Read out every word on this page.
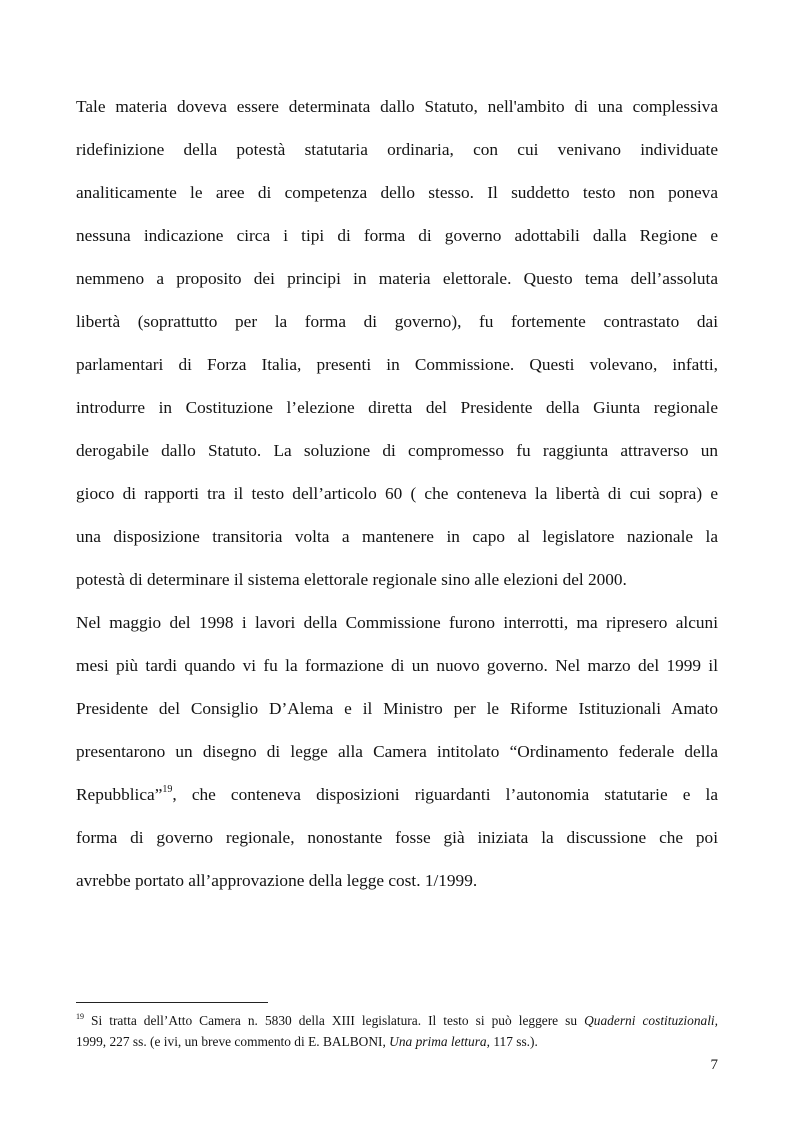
Tale materia doveva essere determinata dallo Statuto, nell'ambito di una complessiva
ridefinizione della potestà statutaria ordinaria, con cui venivano individuate
analiticamente le aree di competenza dello stesso. Il suddetto testo non poneva
nessuna indicazione circa i tipi di forma di governo adottabili dalla Regione e
nemmeno a proposito dei principi in materia elettorale. Questo tema dell’assoluta
libertà (soprattutto per la forma di governo), fu fortemente contrastato dai
parlamentari di Forza Italia, presenti in Commissione. Questi volevano, infatti,
introdurre in Costituzione l’elezione diretta del Presidente della Giunta regionale
derogabile dallo Statuto. La soluzione di compromesso fu raggiunta attraverso un
gioco di rapporti tra il testo dell’articolo 60 ( che conteneva la libertà di cui sopra) e
una disposizione transitoria volta a mantenere in capo al legislatore nazionale la
potestà di determinare il sistema elettorale regionale sino alle elezioni del 2000.
Nel maggio del 1998 i lavori della Commissione furono interrotti, ma ripresero alcuni
mesi più tardi quando vi fu la formazione di un nuovo governo. Nel marzo del 1999 il
Presidente del Consiglio D’Alema e il Ministro per le Riforme Istituzionali Amato
presentarono un disegno di legge alla Camera intitolato “Ordinamento federale della
Repubblica”$^{19}$, che conteneva disposizioni riguardanti l’autonomia statutarie e la
forma di governo regionale, nonostante fosse già iniziata la discussione che poi
avrebbe portato all’approvazione della legge cost. 1/1999.
$^{19}$ Si tratta dell’Atto Camera n. 5830 della XIII legislatura. Il testo si può leggere su Quaderni costituzionali,
1999, 227 ss. (e ivi, un breve commento di E. BALBONI, Una prima lettura, 117 ss.).
7
